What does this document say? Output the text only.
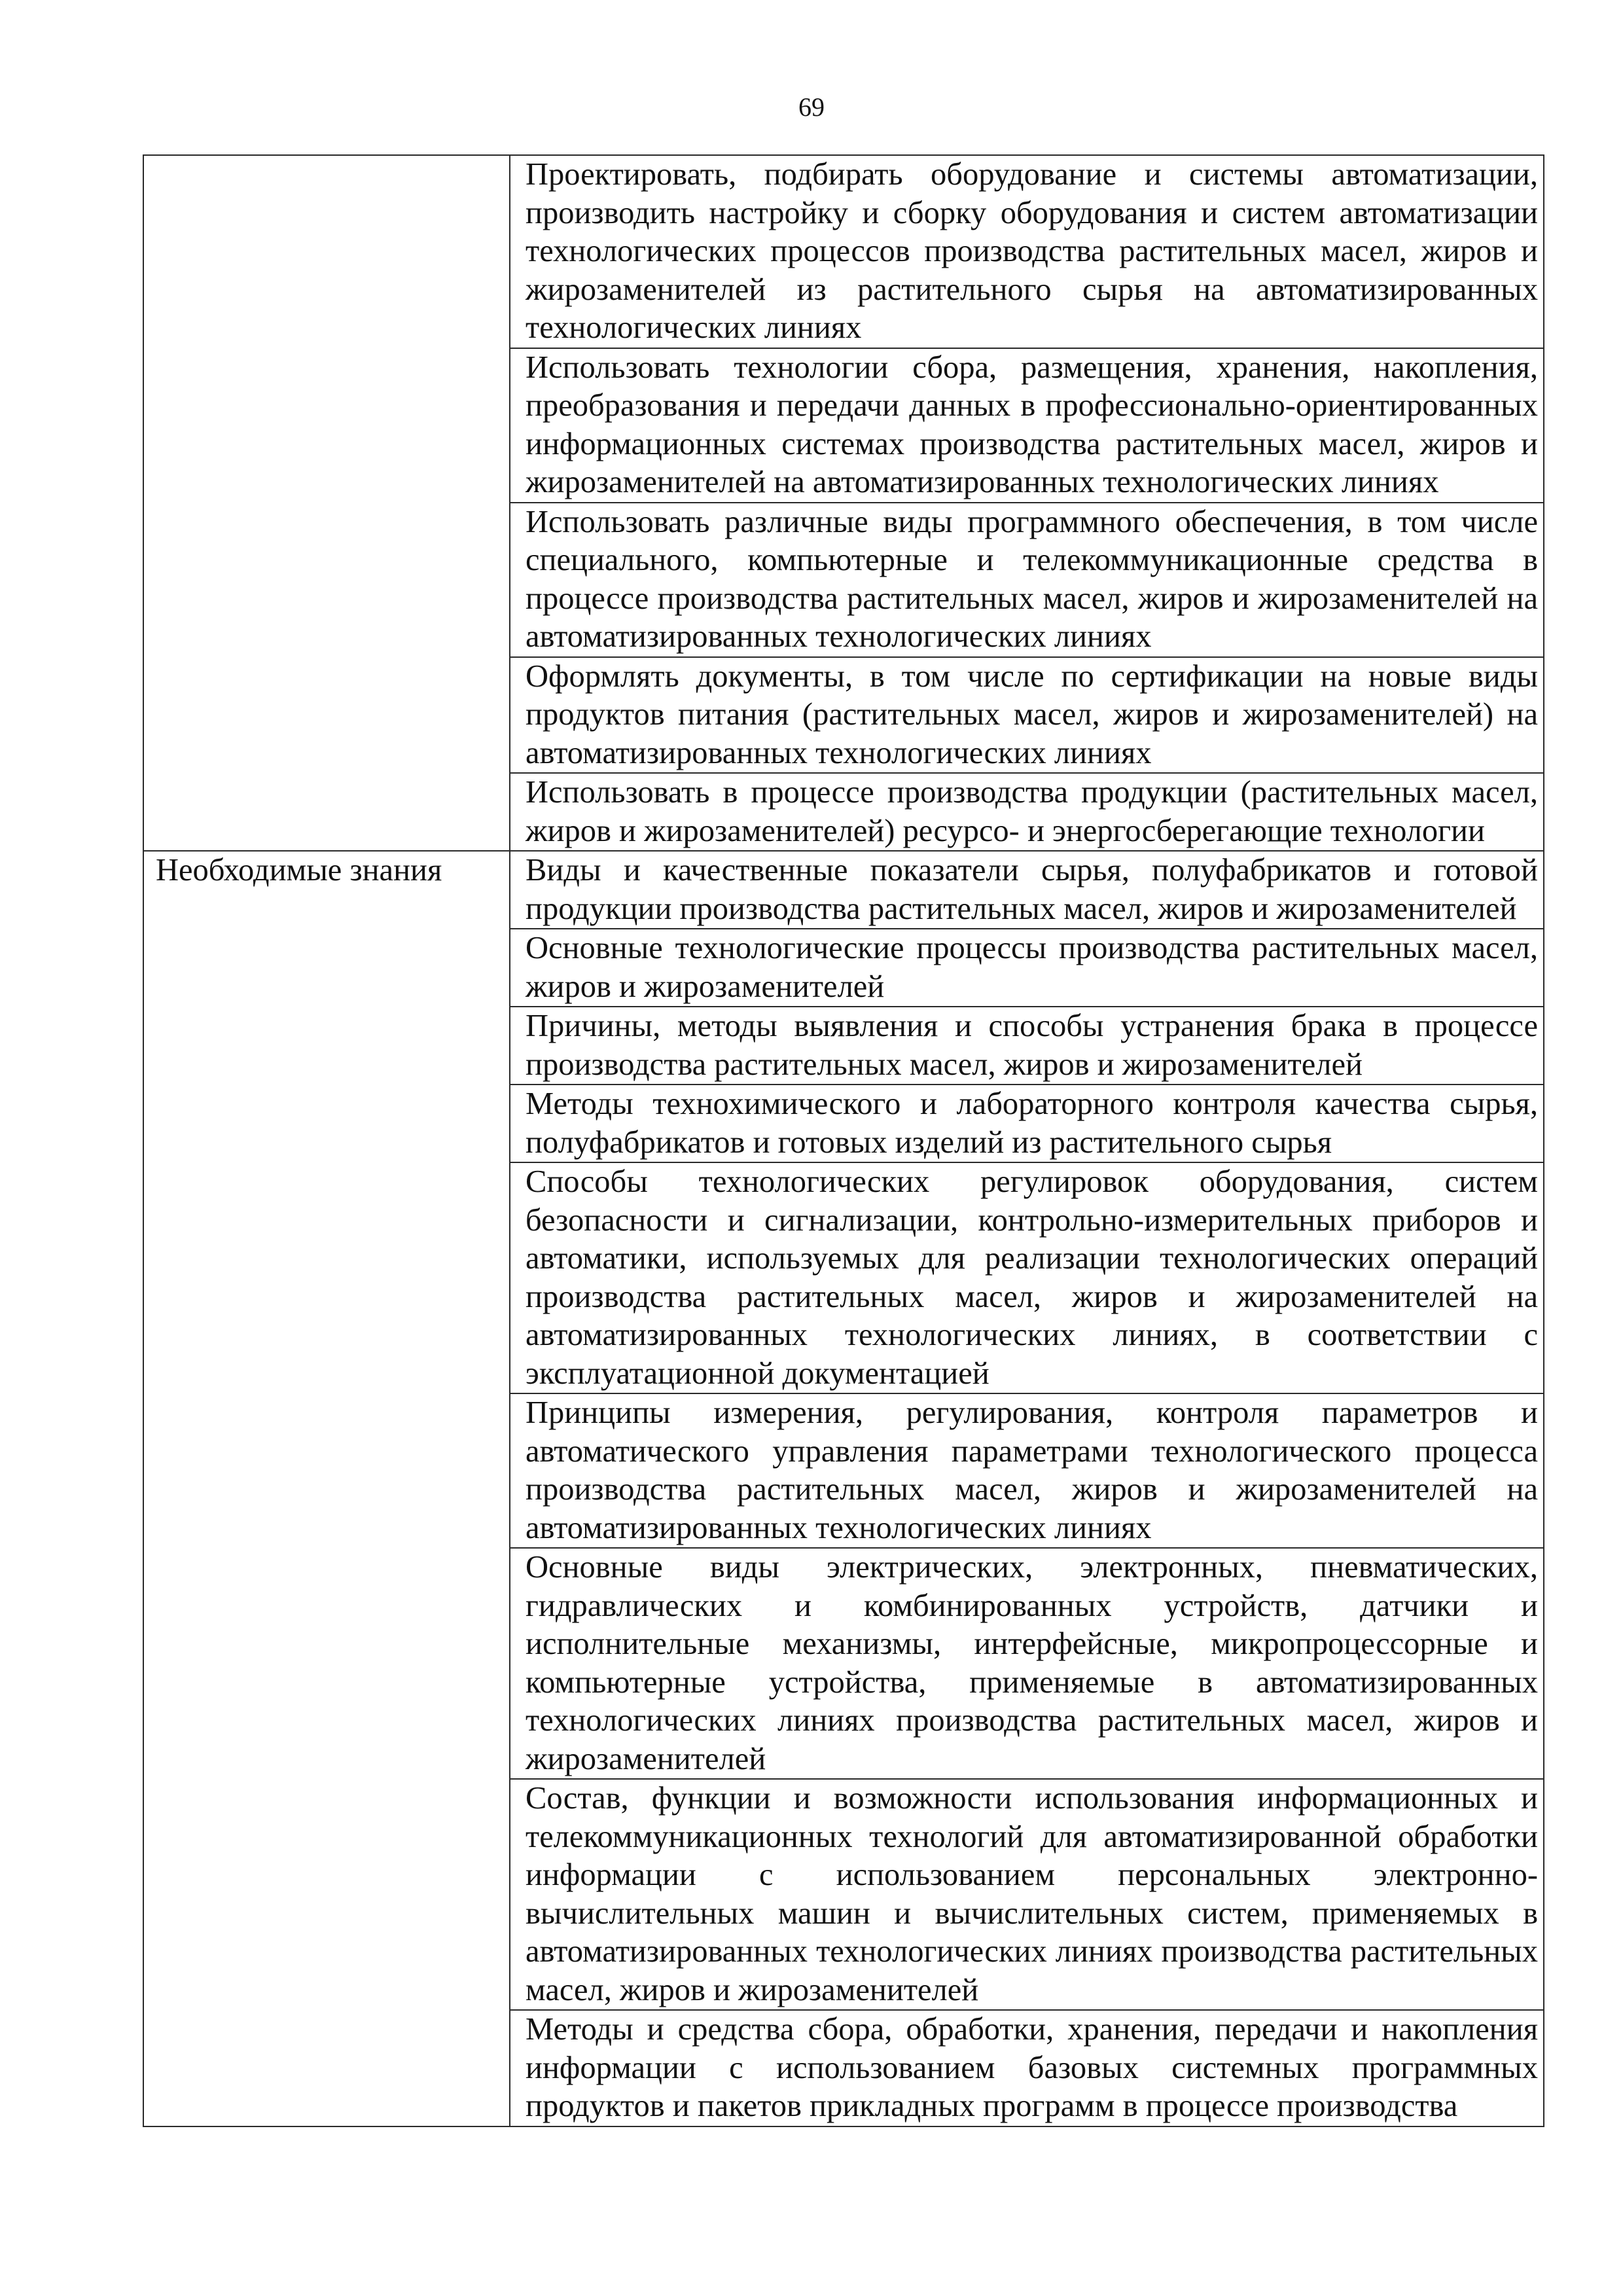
69

	Проектировать, подбирать оборудование и системы автоматизации, производить настройку и сборку оборудования и систем автоматизации технологических процессов производства растительных масел, жиров и жирозаменителей из растительного сырья на автоматизированных технологических линиях

	Использовать технологии сбора, размещения, хранения, накопления, преобразования и передачи данных в профессионально-ориентированных информационных системах производства растительных масел, жиров и жирозаменителей на автоматизированных технологических линиях

	Использовать различные виды программного обеспечения, в том числе специального, компьютерные и телекоммуникационные средства в процессе производства растительных масел, жиров и жирозаменителей на автоматизированных технологических линиях

	Оформлять документы, в том числе по сертификации на новые виды продуктов питания (растительных масел, жиров и жирозаменителей) на автоматизированных технологических линиях

	Использовать в процессе производства продукции (растительных масел, жиров и жирозаменителей) ресурсо- и энергосберегающие технологии

Необходимые знания	Виды и качественные показатели сырья, полуфабрикатов и готовой продукции производства растительных масел, жиров и жирозаменителей

	Основные технологические процессы производства растительных масел, жиров и жирозаменителей

	Причины, методы выявления и способы устранения брака в процессе производства растительных масел, жиров и жирозаменителей

	Методы технохимического и лабораторного контроля качества сырья, полуфабрикатов и готовых изделий из растительного сырья

	Способы технологических регулировок оборудования, систем безопасности и сигнализации, контрольно-измерительных приборов и автоматики, используемых для реализации технологических операций производства растительных масел, жиров и жирозаменителей на автоматизированных технологических линиях, в соответствии с эксплуатационной документацией

	Принципы измерения, регулирования, контроля параметров и автоматического управления параметрами технологического процесса производства растительных масел, жиров и жирозаменителей на автоматизированных технологических линиях

	Основные виды электрических, электронных, пневматических, гидравлических и комбинированных устройств, датчики и исполнительные механизмы, интерфейсные, микропроцессорные и компьютерные устройства, применяемые в автоматизированных технологических линиях производства растительных масел, жиров и жирозаменителей

	Состав, функции и возможности использования информационных и телекоммуникационных технологий для автоматизированной обработки информации с использованием персональных электронно-вычислительных машин и вычислительных систем, применяемых в автоматизированных технологических линиях производства растительных масел, жиров и жирозаменителей

	Методы и средства сбора, обработки, хранения, передачи и накопления информации с использованием базовых системных программных продуктов и пакетов прикладных программ в процессе производства
